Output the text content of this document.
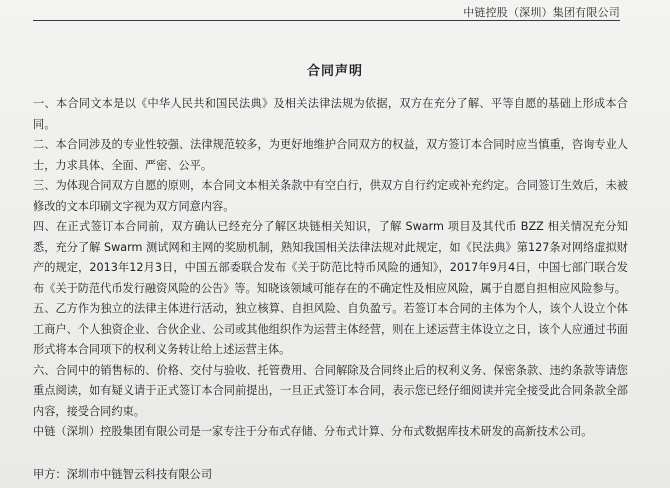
中链控股（深圳）集团有限公司
合同声明

一、本合同文本是以《中华人民共和国民法典》及相关法律法规为依据，双方在充分了解、平等自愿的基础上形成本合同。

二、本合同涉及的专业性较强、法律规范较多，为更好地维护合同双方的权益，双方签订本合同时应当慎重，咨询专业人士，力求具体、全面、严密、公平。

三、为体现合同双方自愿的原则，本合同文本相关条款中有空白行，供双方自行约定或补充约定。合同签订生效后，未被修改的文本印刷文字视为双方同意内容。

四、在正式签订本合同前，双方确认已经充分了解区块链相关知识，了解 Swarm 项目及其代币 BZZ 相关情况充分知悉，充分了解 Swarm 测试网和主网的奖励机制，熟知我国相关法律法规对此规定，如《民法典》第127条对网络虚拟财产的规定，2013年12月3日，中国五部委联合发布《关于防范比特币风险的通知》，2017年9月4日，中国七部门联合发布《关于防范代币发行融资风险的公告》等。知晓该领域可能存在的不确定性及相应风险，属于自愿自担相应风险参与。

五、乙方作为独立的法律主体进行活动，独立核算、自担风险、自负盈亏。若签订本合同的主体为个人，该个人设立个体工商户、个人独资企业、合伙企业、公司或其他组织作为运营主体经营，则在上述运营主体设立之日，该个人应通过书面形式将本合同项下的权利义务转让给上述运营主体。

六、合同中的销售标的、价格、交付与验收、托管费用、合同解除及合同终止后的权利义务、保密条款、违约条款等请您重点阅读，如有疑义请于正式签订本合同前提出，一旦正式签订本合同，表示您已经仔细阅读并完全接受此合同条款全部内容，接受合同约束。

中链（深圳）控股集团有限公司是一家专注于分布式存储、分布式计算、分布式数据库技术研发的高新技术公司。

甲方：深圳市中链智云科技有限公司
